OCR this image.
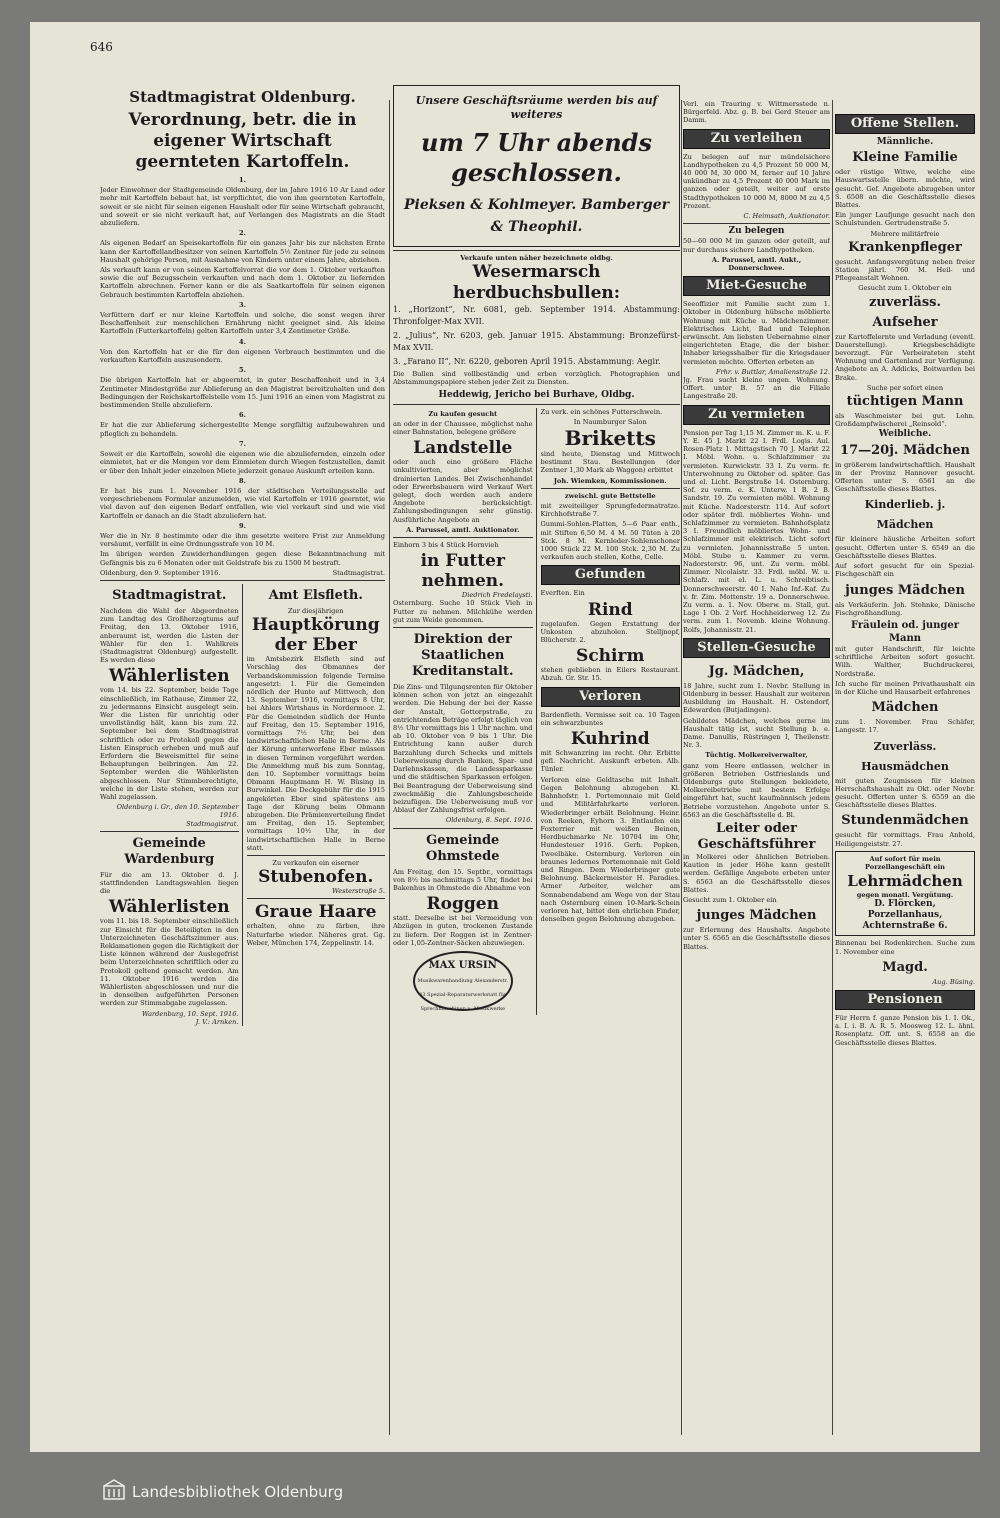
646
Stadtmagistrat Oldenburg.
Verordnung, betr. die in eigener Wirtschaft geernteten Kartoffeln.
1.
Jeder Einwohner der Stadtgemeinde Oldenburg, der im Jahre 1916 10 Ar Land oder mehr mit Kartoffeln bebaut hat, ist verpflichtet, die von ihm geernteten Kartoffeln, soweit er sie nicht für seinen eigenen Haushalt oder für seine Wirtschaft gebraucht, und soweit er sie nicht verkauft hat, auf Verlangen des Magistrats an die Stadt abzuliefern.
2.
Als eigenen Bedarf an Speisekartoffeln für ein ganzes Jahr bis zur nächsten Ernte kann der Kartoffellandbesitzer von seinen Kartoffeln 5½ Zentner für jede zu seinem Haushalt gehörige Person, mit Ausnahme von Kindern unter einem Jahre, abziehen.
Als verkauft kann er von seinem Kartoffelvorrat die vor dem 1. Oktober verkauften sowie die auf Bezugsschein verkauften und nach dem 1. Oktober zu liefernden Kartoffeln abrechnen. Ferner kann er die als Saatkartoffeln für seinen eigenen Gebrauch bestimmten Kartoffeln abziehen.
3.
Verfüttern darf er nur kleine Kartoffeln und solche, die sonst wegen ihrer Beschaffenheit zur menschlichen Ernährung nicht geeignet sind. Als kleine Kartoffeln (Futterkartoffeln) gelten Kartoffeln unter 3,4 Zentimeter Größe.
4.
Von den Kartoffeln hat er die für den eigenen Verbrauch bestimmten und die verkauften Kartoffeln auszusondern.
5.
Die übrigen Kartoffeln hat er abgeerntet, in guter Beschaffenheit und in 3,4 Zentimeter Mindestgröße zur Ablieferung an den Magistrat bereitzuhalten und den Bedingungen der Reichskartoffelstelle vom 15. Juni 1916 an einen vom Magistrat zu bestimmenden Stelle abzuliefern.
6.
Er hat die zur Ablieferung sichergestellte Menge sorgfältig aufzubewahren und pfleglich zu behandeln.
7.
Soweit er die Kartoffeln, sowohl die eigenen wie die abzuliefernden, einzeln oder einmietet, hat er die Mengen vor dem Einmieten durch Wiegen festzustellen, damit er über den Inhalt jeder einzelnen Miete jederzeit genaue Auskunft erteilen kann.
8.
Er hat bis zum 1. November 1916 der städtischen Verteilungsstelle auf vorgeschriebenem Formular anzumelden, wie viel Kartoffeln er 1916 geerntet, wie viel davon auf den eigenen Bedarf entfallen, wie viel verkauft sind und wie viel Kartoffeln er danach an die Stadt abzuliefern hat.
9.
Wer die in Nr. 8 bestimmte oder die ihm gesetzte weitere Frist zur Anmeldung versäumt, verfällt in eine Ordnungsstrafe von 10 M.
Im übrigen werden Zuwiderhandlungen gegen diese Bekanntmachung mit Gefängnis bis zu 6 Monaten oder mit Geldstrafe bis zu 1500 M bestraft.
Oldenburg, den 9. September 1916.	Stadtmagistrat.
Stadtmagistrat.
Nachdem die Wahl der Abgeordneten zum Landtag des Großherzogtums auf Freitag, den 13. Oktober 1916, anberaumt ist, werden die Listen der Wähler für den 1. Wahlkreis (Stadtmagistrat Oldenburg) aufgestellt. Es werden diese
Wählerlisten
vom 14. bis 22. September, beide Tage einschließlich, im Rathause, Zimmer 22, zu jedermanns Einsicht ausgelegt sein. Wer die Listen für unrichtig oder unvollständig hält, kann bis zum 22. September bei dem Stadtmagistrat schriftlich oder zu Protokoll gegen die Listen Einspruch erheben und muß auf Erfordern die Beweismittel für seine Behauptungen beibringen. Am 22. September werden die Wählerlisten abgeschlossen. Nur Stimmberechtigte, welche in der Liste stehen, werden zur Wahl zugelassen.
Oldenburg i. Gr., den 10. September 1916.
Stadtmagistrat.
Gemeinde Wardenburg
Für die am 13. Oktober d. J. stattfindenden Landtagswahlen liegen die
Wählerlisten
vom 11. bis 18. September einschließlich zur Einsicht für die Beteiligten in den Unterzeichneten Geschäftszimmer aus. Reklamationen gegen die Richtigkeit der Liste können während der Auslegefrist beim Unterzeichneten schriftlich oder zu Protokoll geltend gemacht werden. Am 11. Oktober 1916 werden die Wählerlisten abgeschlossen und nur die in denselben aufgeführten Personen werden zur Stimmabgabe zugelassen.
Wardenburg, 10. Sept. 1916.
J. V.: Arnken.
Amt Elsfleth.
Zur diesjährigen
Hauptkörung der Eber
im Amtsbezirk Elsfleth sind auf Vorschlag des Obmannes der Verbandskommission folgende Termine angesetzt: 1. Für die Gemeinden nördlich der Hunte auf Mittwoch, den 13. September 1916, vormittags 8 Uhr, bei Ahlers Wirtshaus in Nordermoor. 2. Für die Gemeinden südlich der Hunte auf Freitag, den 15. September 1916, vormittags 7½ Uhr, bei den landwirtschaftlichen Halle in Berne. Als der Körung unterworfene Eber müssen in diesen Terminen vorgeführt werden. Die Anmeldung muß bis zum Sonntag, den 10. September vormittags beim Obmann Hauptmann H. W. Büsing in Burwinkel. Die Deckgebühr für die 1915 angekörten Eber sind spätestens am Tage der Körung beim Obmann abzugeben. Die Prämienverteilung findet am Freitag, den 15. September, vormittags 10½ Uhr, in der landwirtschaftlichen Halle in Berne statt.
Zu verkaufen ein eiserner
Stubenofen.
Westerstraße 5.
Graue Haare
erhalten, ohne zu färben, ihre Naturfarbe wieder. Näheres grat. Gg. Weber, München 174, Zeppelinstr. 14.
Unsere Geschäftsräume werden bis auf weiteres
um 7 Uhr abends geschlossen.
Pieksen & Kohlmeyer. Bamberger & Theophil.
Verkaufe unten näher bezeichnete oldbg.
Wesermarsch herdbuchsbullen:
1. „Horizont“, Nr. 6081, geb. September 1914. Abstammung: Thronfolger-Max XVII.
2. „Julius“, Nr. 6203, geb. Januar 1915. Abstammung: Bronzefürst-Max XVII.
3. „Farano II“, Nr. 6220, geboren April 1915. Abstammung: Aegir.
Die Bullen sind vollbeständig und erben vorzüglich. Photographien und Abstammungspapiere stehen jeder Zeit zu Diensten.
Heddewig, Jericho bei Burhave, Oldbg.
Zu kaufen gesucht
an oder in der Chaussee, möglichst nahe einer Bahnstation, belegene größere
Landstelle
oder auch eine größere Fläche unkultivierten, aber möglichst drainierten Landes. Bei Zwischenhandel oder Erwerbsbauern wird Verkauf Wert gelegt, doch werden auch andere Angebote berücksichtigt. Zahlungsbedingungen sehr günstig. Ausführliche Angebote an
A. Parussel, amtl. Auktionator.
Einhorn 3 bis 4 Stück Hornvieh
in Futter nehmen.
Diedrich Fredelaysti.
Osternburg. Suche 10 Stück Vieh in Futter zu nehmen. Milchkühe werden gut zum Weide genommen.
Direktion der Staatlichen Kreditanstalt.
Die Zins- und Tilgungsrenten für Oktober können schon von jetzt an eingezahlt werden. Die Hebung der bei der Kasse der Anstalt, Gottorpstraße, zu entrichtenden Beträge erfolgt täglich von 8½ Uhr vormittags bis 1 Uhr nachm. und ab 10. Oktober von 9 bis 1 Uhr. Die Entrichtung kann außer durch Barzahlung durch Schecks und mittels Ueberweisung durch Banken, Spar- und Darlehnskassen, die Landessparkasse und die städtischen Sparkassen erfolgen. Bei Beantragung der Ueberweisung sind zweckmäßig die Zahlungsbescheide beizufügen. Die Ueberweisung muß vor Ablauf der Zahlungsfrist erfolgen.
Oldenburg, 8. Sept. 1916.
Gemeinde Ohmstede
Am Freitag, den 15. Septbr., vormittags von 8½ bis nachmittags 5 Uhr, findet bei Bakenhus in Ohmstede die Abnahme von
Roggen
statt. Derselbe ist bei Vermeidung von Abzügen in guten, trockenen Zustande zu liefern. Der Roggen ist in Zentner- oder 1,05-Zentner-Säcken abzuwiegen.
MAX URSIN
Musikwarenhandlung Alexanderstr. 43 Spezial-Reparaturwerkstatt für Sprechmaschinen u. Musikwerke
Zu verk. ein schönes Futterschwein.
In Naumburger Salon
Briketts
sind heute, Dienstag und Mittwoch bestimmt Stau. Bestellungen (der Zentner 1,30 Mark ab Waggon) erbittet
Joh. Wiemken, Kommissionen.
zweischl. gute Bettstelle
mit zweiteiliger Sprungfedermatratze. Kirchhofstraße 7.
Gummi-Sohlen-Platten, 5—6 Paar enth., mit Stiften 6,50 M. 4 M. 50 Tüten à 20 Stck. 8 M. Kernleder-Sohlenschoner 1000 Stück 22 M. 100 Stck. 2,30 M. Zu verkaufen auch stellen, Kothe, Celle.
Gefunden
Everften. Ein
Rind
zugelaufen. Gegen Erstattung der Unkosten abzuholen. Stelljnopf, Blücherstr. 2.
Schirm
stehen geblieben in Eilers Restaurant. Abzuh. Gr. Str. 15.
Verloren
Bardenfleth. Vermisse seit ca. 10 Tagen ein schwarzbuntes
Kuhrind
mit Schwanzring im recht. Ohr. Erbitte gefl. Nachricht. Auskunft erbeten. Alb. Tünler.
Verloren eine Geldtasche mit Inhalt. Gegen Belohnung abzugeben Kl. Bahnhofstr. 1. Portemonnaie mit Geld und Militärfahrkarte verloren. Wiederbringer erhält Belohnung. Heinr. von Reeken, Eyhorn 3. Entlaufen ein Foxterrier mit weißen Beinen, Herdbuchmarke Nr. 10704 im Ohr, Hundesteuer 1916. Gerh. Popken, Tweelbäke. Osternburg. Verloren ein braunes ledernes Portemonnaie mit Geld und Ringen. Dem Wiederbringer gute Belohnung. Bäckermeister H. Paradies. Armer Arbeiter, welcher am Sonnabendabend am Wege von der Stau nach Osternburg einen 10-Mark-Schein verloren hat, bittet den ehrlichen Finder, denselben gegen Belohnung abzugeben.
Verl. ein Trauring v. Wittmersstede n. Bürgerfeld. Abz. g. B. bei Gerd Steuer am Damm.
Zu verleihen
Zu belegen auf nur mündelsichere Landhypotheken zu 4,5 Prozent 50 000 M, 40 000 M, 30 000 M, ferner auf 10 Jahre unkündbar zu 4,5 Prozent 40 000 Mark im ganzen oder geteilt, weiter auf erste Stadthypotheken 10 000 M, 8000 M zu 4,5 Prozent.
C. Heimsath, Auktionator.
Zu belegen
50—60 000 M im ganzen oder geteilt, auf nur durchaus sichere Landhypotheken.
A. Parussel, amtl. Aukt., Donnerschwee.
Miet-Gesuche
Seeoffizier mit Familie sucht zum 1. Oktober in Oldenburg hübsche möblierte Wohnung mit Küche u. Mädchenzimmer. Elektrisches Licht, Bad und Telephon erwünscht. Am liebsten Uebernahme einer eingerichteten Etage, die der bisher. Inhaber kriegsshalber für die Kriegsdauer vermieten möchte. Offerten erbeten an
Frhr. v. Buttlar, Amalienstraße 12.
Jg. Frau sucht kleine ungen. Wohnung. Offert. unter B. 57 an die Filiale Langestraße 20.
Zu vermieten
Pension per Tag 1,15 M. Zimmer m. K. u. F. Y. E. 45 J. Markt 22 I. Frdl. Logis. Aul. Rosen-Platz 1. Mittagstisch 70 J. Markt 22 I. Möbl. Wohn. u. Schlafzimmer zu vermieten. Kurwickstr. 33 I. Zu verm. fr. Unterwohnung zu Oktober od. später. Gas und el. Licht. Bergstraße 14. Osternburg. Sof. zu verm. e. K. Unterw. 1 B. 2 B. Sandstr. 19. Zu vermieten möbl. Wohnung mit Küche. Nadorsterstr. 114. Auf sofort oder später frdl. möbliertes Wohn- und Schlafzimmer zu vermieten. Bahnhofsplatz 3 I. Freundlich möbliertes Wohn- und Schlafzimmer mit elektrisch. Licht sofort zu vermieten. Johannisstraße 5 unten. Möbl. Stube u. Kammer zu verm. Nadorsterstr. 96, unt. Zu verm. möbl. Zimmer. Nicolaistr. 33. Frdl. möbl. W. u. Schlafz. mit el. L. u. Schreibtisch. Donnerschweerstr. 40 I. Nahe Inf.-Kaf. Zu v. fr. Zim. Mottenstr. 19 a. Donnerschwee. Zu verm. a. 1. Nov. Oberw. m. Stall, gut. Lage 1 Ob. 2 Verf. Hochheiderweg 12. Zu verm. zum 1. Novemb. kleine Wohnung. Rolfs, Johannisstr. 21.
Stellen-Gesuche
Jg. Mädchen,
18 Jahre, sucht zum 1. Novbr. Stellung in Oldenburg in besser. Haushalt zur weiteren Ausbildung im Haushalt. H. Ostendorf, Edewarden (Butjadingen).
Gebildetes Mädchen, welches gerne im Haushalt tätig ist, sucht Stellung b. e. Dame. Danullis, Rüstringen I, Theilenstr. Nr. 3.
Tüchtig. Molkereiverwalter,
ganz vom Heere entlassen, welcher in größeren Betrieben Ostfrieslands und Oldenburgs gute Stellungen bekleidete, Molkereibetriebe mit bestem Erfolge eingeführt hat, sucht kaufmännisch jedem Betriebe vorzustehen. Angebote unter S. 6563 an die Geschäftsstelle d. Bl.
Leiter oder Geschäftsführer
in Molkerei oder ähnlichen Betrieben. Kaution in jeder Höhe kann gestellt werden. Gefällige Angebote erbeten unter S. 6563 an die Geschäftsstelle dieses Blattes.
Gesucht zum 1. Oktober ein
junges Mädchen
zur Erlernung des Haushalts. Angebote unter S. 6565 an die Geschäftsstelle dieses Blattes.
Offene Stellen.
Männliche.
Kleine Familie
oder rüstige Witwe, welche eine Hauswartsstelle übern. möchte, wird gesucht. Gef. Angebote abzugeben unter S. 6508 an die Geschäftsstelle dieses Blattes.
Ein junger Laufjunge gesucht nach den Schulstunden. Gertrudenstraße 5.
Mehrere militärfreie
Krankenpfleger
gesucht. Anfangsvergütung neben freier Station jährl. 760 M. Heil- und Pflegeanstalt Wehnen.
Gesucht zum 1. Oktober ein
zuverläss. Aufseher
zur Kartoffelernte und Verladung (eventl. Dauerstellung). Kriegsbeschädigte bevorzugt. Für Verbeirateten steht Wohnung und Gartenland zur Verfügung. Angebote an A. Addicks, Boitwarden bei Brake.
Suche per sofort einen
tüchtigen Mann
als Waschmeister bei gut. Lohn. Großdampfwäscherei „Reinsold“.
Weibliche.
17—20j. Mädchen
in größerem landwirtschaftlich. Haushalt in der Provinz Hannover gesucht. Offerten unter S. 6561 an die Geschäftsstelle dieses Blattes.
Kinderlieb. j. Mädchen
für kleinere häusliche Arbeiten sofort gesucht. Offerten unter S. 6549 an die Geschäftsstelle dieses Blattes.
Auf sofort gesucht für ein Spezial-Fischgeschäft ein
junges Mädchen
als Verkäuferin. Joh. Stehnke, Dänische Fischgroßhandlung.
Fräulein od. junger Mann
mit guter Handschrift, für leichte schriftliche Arbeiten sofort gesucht. Wilh. Walther, Buchdruckerei, Nordstraße.
Ich suche für meinen Privathaushalt ein in der Küche und Hausarbeit erfahrenes
Mädchen
zum 1. November. Frau Schäfer, Langestr. 17.
Zuverläss. Hausmädchen
mit guten Zeugnissen für kleinen Herrschaftshaushalt zu Okt. oder Novbr. gesucht. Offerten unter S. 6559 an die Geschäftsstelle dieses Blattes.
Stundenmädchen
gesucht für vormittags. Frau Anhold, Heiligengeiststr. 27.
Auf sofort für mein Porzellangeschäft ein
Lehrmädchen
gegen monatl. Vergütung.
D. Flörcken, Porzellanhaus, Achternstraße 6.
Binnenau bei Rodenkirchen. Suche zum 1. November eine
Magd.
Aug. Büsing.
Pensionen
Für Herrn f. ganze Pension bis 1. I. Ok., a. I. i. B. A. R. 5. Moosweg 12. L. ähnl. Rosenplatz. Off. unt. S. 6558 an die Geschäftsstelle dieses Blattes.
Landesbibliothek Oldenburg
